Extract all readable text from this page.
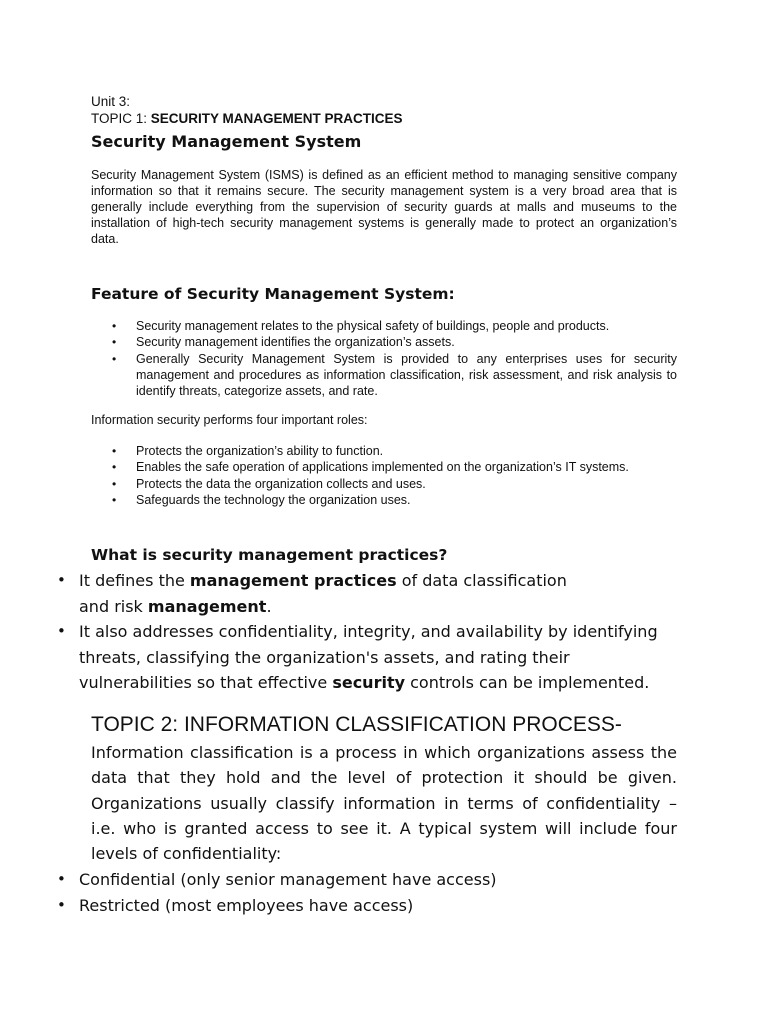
Unit 3:
TOPIC 1: SECURITY MANAGEMENT PRACTICES
Security Management System
Security Management System (ISMS) is defined as an efficient method to managing sensitive company information so that it remains secure. The security management system is a very broad area that is generally include everything from the supervision of security guards at malls and museums to the installation of high-tech security management systems is generally made to protect an organization’s data.
Feature of Security Management System:
• Security management relates to the physical safety of buildings, people and products.
• Security management identifies the organization’s assets.
• Generally Security Management System is provided to any enterprises uses for security management and procedures as information classification, risk assessment, and risk analysis to identify threats, categorize assets, and rate.
Information security performs four important roles:
• Protects the organization’s ability to function.
• Enables the safe operation of applications implemented on the organization’s IT systems.
• Protects the data the organization collects and uses.
• Safeguards the technology the organization uses.
What is security management practices?
• It defines the management practices of data classification and risk management.
• It also addresses confidentiality, integrity, and availability by identifying threats, classifying the organization's assets, and rating their vulnerabilities so that effective security controls can be implemented.
TOPIC 2: INFORMATION CLASSIFICATION PROCESS-
Information classification is a process in which organizations assess the data that they hold and the level of protection it should be given. Organizations usually classify information in terms of confidentiality – i.e. who is granted access to see it. A typical system will include four levels of confidentiality:
• Confidential (only senior management have access)
• Restricted (most employees have access)
